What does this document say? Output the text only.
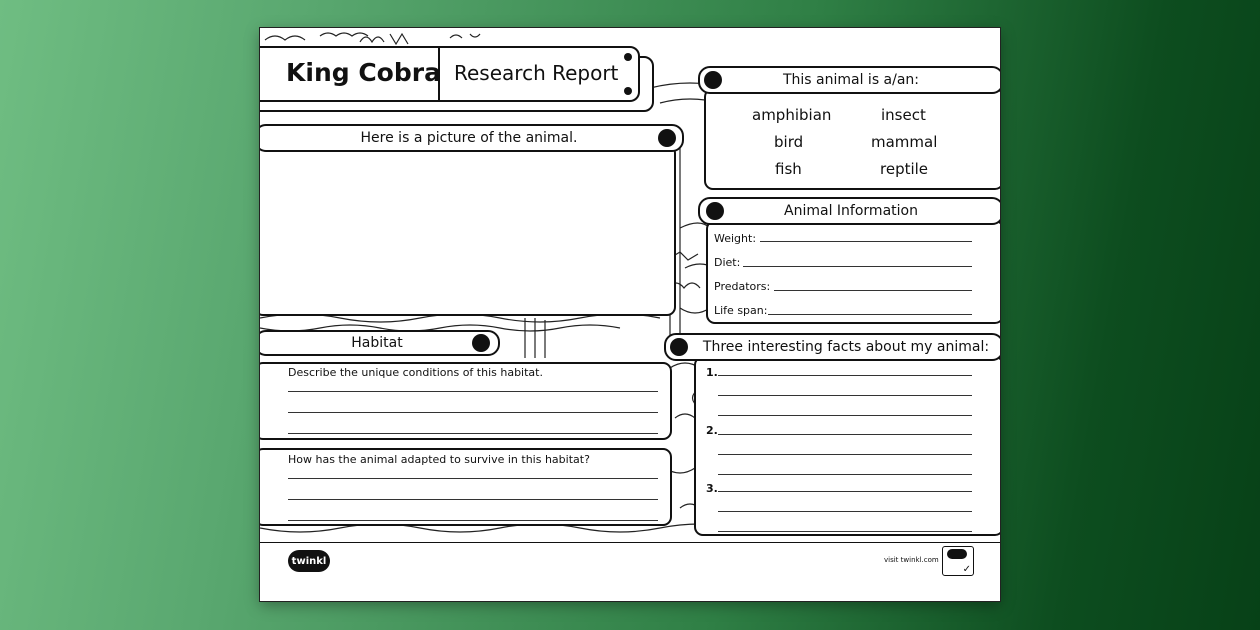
King Cobra Research Report
Here is a picture of the animal.
This animal is a/an:
amphibian	insect
bird	mammal
fish	reptile
Animal Information
Weight:
Diet:
Predators:
Life span:
Habitat
Describe the unique conditions of this habitat.
How has the animal adapted to survive in this habitat?
Three interesting facts about my animal:
1.
2.
3.
twinkl	visit twinkl.com
✓
